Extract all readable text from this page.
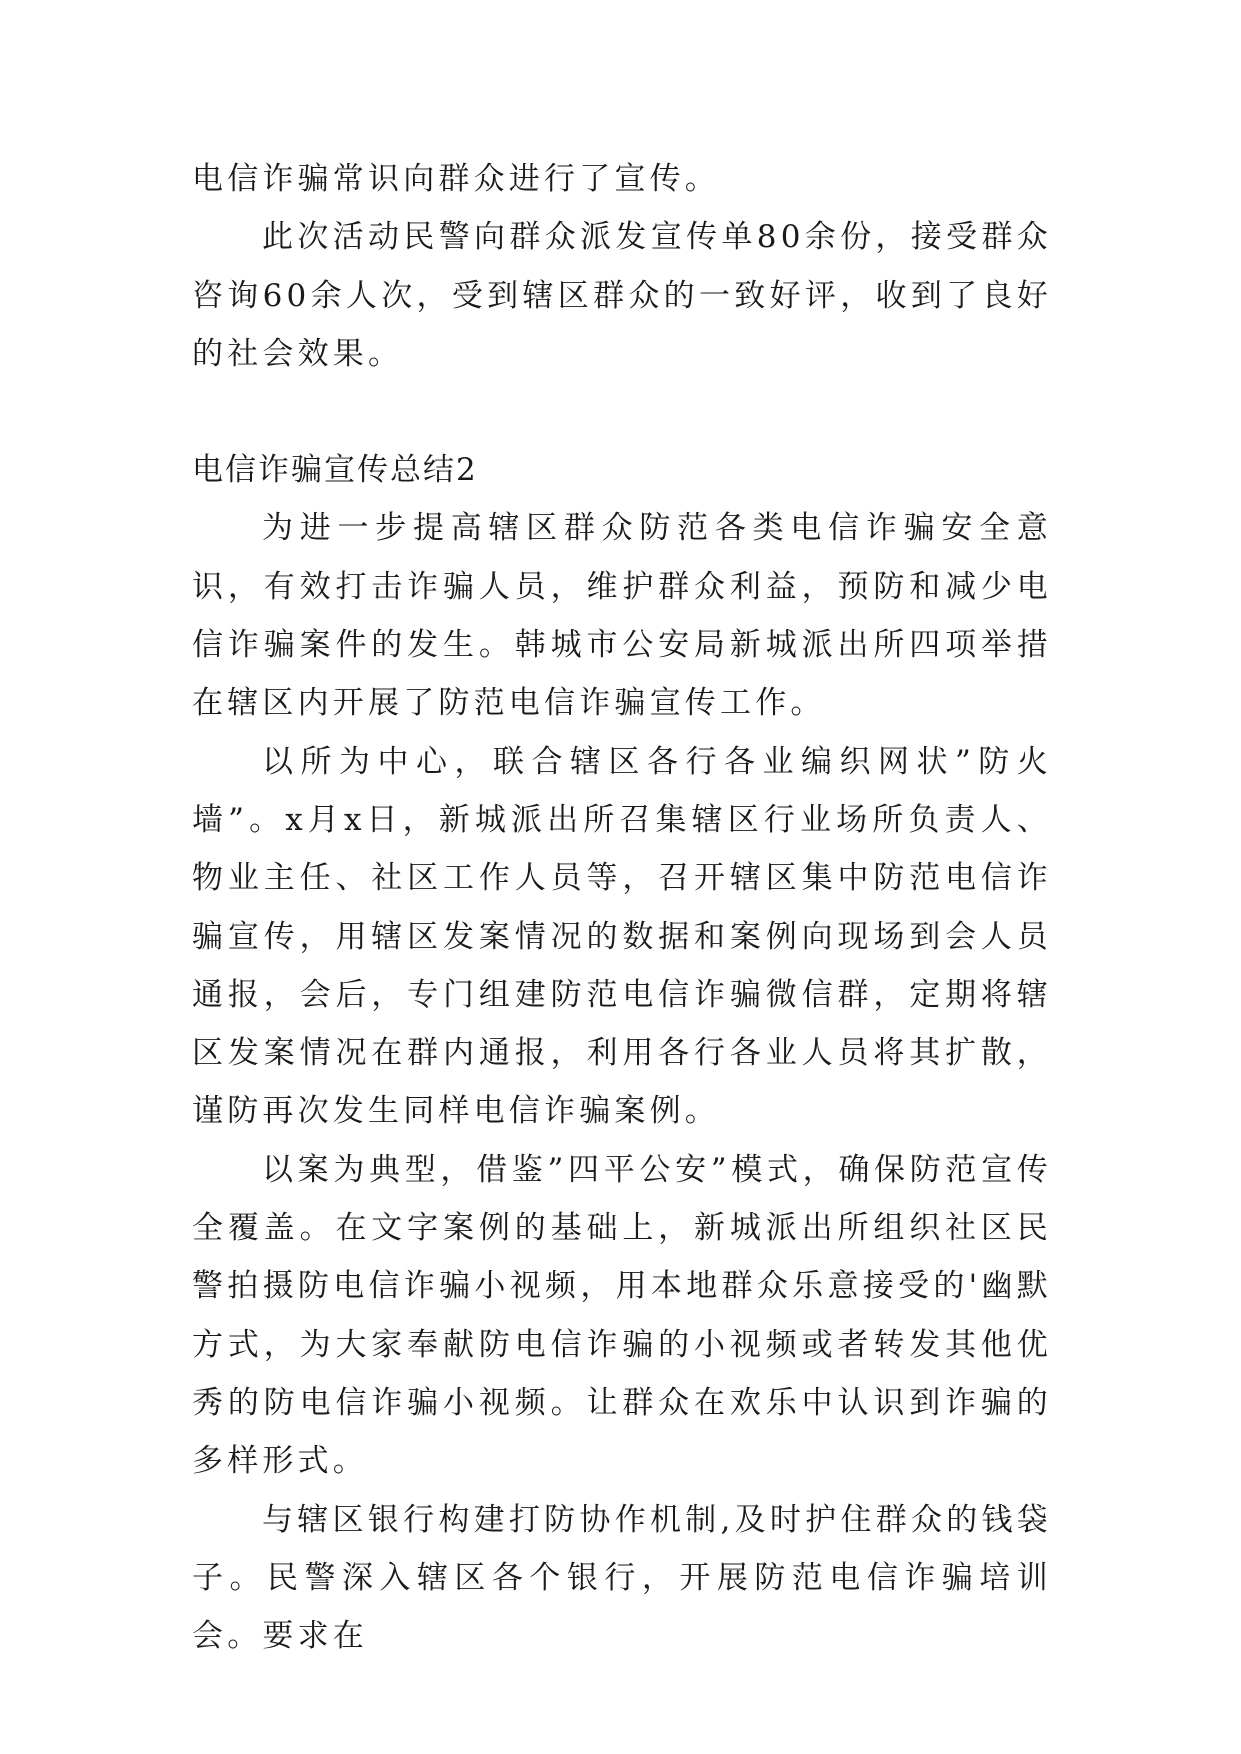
电信诈骗常识向群众进行了宣传。

此次活动民警向群众派发宣传单80余份，接受群众咨询60余人次，受到辖区群众的一致好评，收到了良好的社会效果。

电信诈骗宣传总结2

为进一步提高辖区群众防范各类电信诈骗安全意识，有效打击诈骗人员，维护群众利益，预防和减少电信诈骗案件的发生。韩城市公安局新城派出所四项举措在辖区内开展了防范电信诈骗宣传工作。

以所为中心，联合辖区各行各业编织网状”防火墙”。x月x日，新城派出所召集辖区行业场所负责人、物业主任、社区工作人员等，召开辖区集中防范电信诈骗宣传，用辖区发案情况的数据和案例向现场到会人员通报，会后，专门组建防范电信诈骗微信群，定期将辖区发案情况在群内通报，利用各行各业人员将其扩散，谨防再次发生同样电信诈骗案例。

以案为典型，借鉴”四平公安”模式，确保防范宣传全覆盖。在文字案例的基础上，新城派出所组织社区民警拍摄防电信诈骗小视频，用本地群众乐意接受的'幽默方式，为大家奉献防电信诈骗的小视频或者转发其他优秀的防电信诈骗小视频。让群众在欢乐中认识到诈骗的多样形式。

与辖区银行构建打防协作机制,及时护住群众的钱袋子。民警深入辖区各个银行，开展防范电信诈骗培训会。要求在
